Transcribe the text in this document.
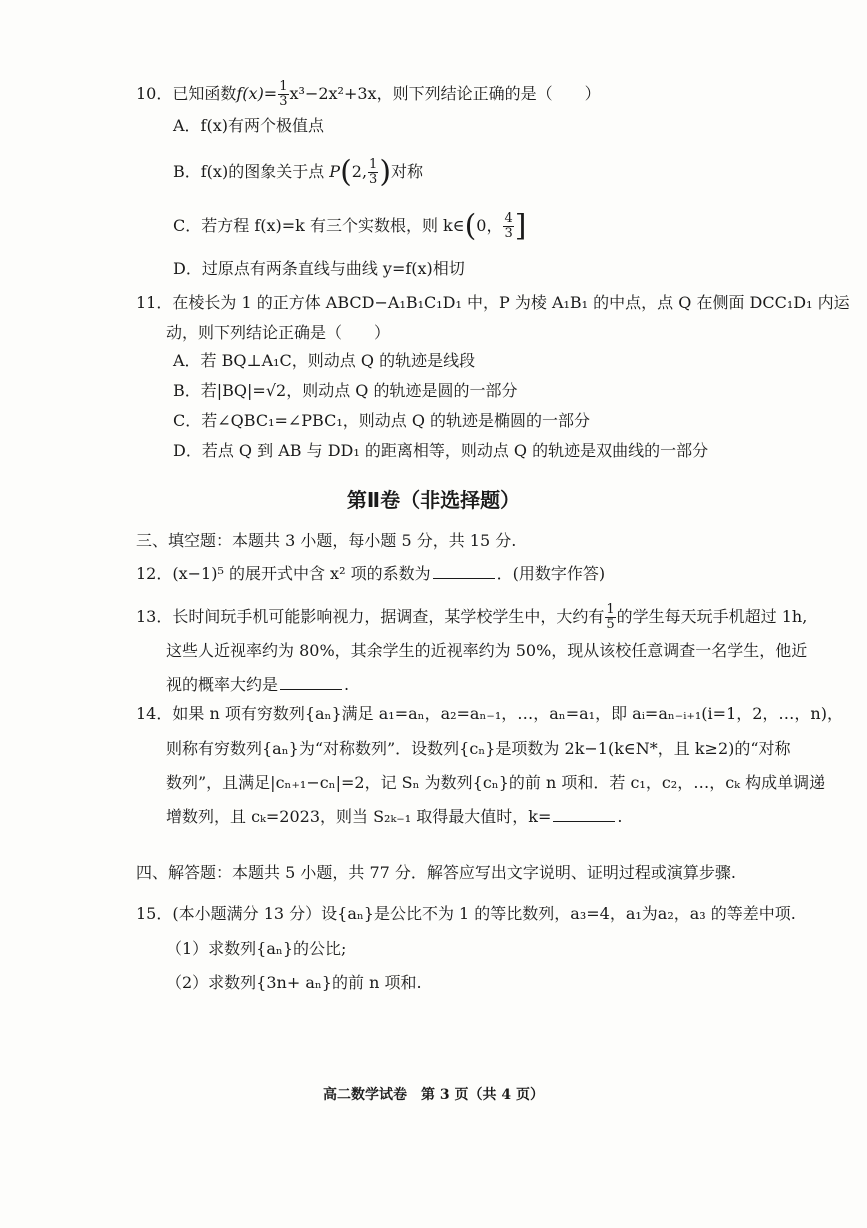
10．已知函数$f(x)= \frac{1}{3} x^3-2x^2+3x$，则下列结论正确的是（　　）
A．f(x)有两个极值点
B．f(x)的图象关于点 P(2, $\frac{1}{3}$ )对称
C．若方程 f(x)=k 有三个实数根，则 k∈(0， $\frac{4}{3}$ ]
D．过原点有两条直线与曲线 y=f(x)相切
11．在棱长为 1 的正方体 ABCD−A₁B₁C₁D₁ 中，P 为棱 A₁B₁ 的中点，点 Q 在侧面 DCC₁D₁ 内运
动，则下列结论正确是（　　）
A．若 BQ⊥A₁C，则动点 Q 的轨迹是线段
B．若|BQ|=√2，则动点 Q 的轨迹是圆的一部分
C．若∠QBC₁=∠PBC₁，则动点 Q 的轨迹是椭圆的一部分
D．若点 Q 到 AB 与 DD₁ 的距离相等，则动点 Q 的轨迹是双曲线的一部分
第Ⅱ卷（非选择题）
三、填空题：本题共 3 小题，每小题 5 分，共 15 分.
12．(x−1)⁵ 的展开式中含 x² 项的系数为	．(用数字作答)
13．长时间玩手机可能影响视力，据调查，某学校学生中，大约有 $\frac{1}{5}$ 的学生每天玩手机超过 1h,
这些人近视率约为 80%，其余学生的近视率约为 50%，现从该校任意调查一名学生，他近
视的概率大约是	.
14．如果 n 项有穷数列{aₙ}满足 a₁=aₙ，a₂=aₙ₋₁，…，aₙ=a₁，即 aᵢ=aₙ₋ᵢ₊₁(i=1，2，…，n)，
则称有穷数列{aₙ}为“对称数列”．设数列{cₙ}是项数为 2k−1(k∈N*，且 k≥2)的“对称
数列”，且满足|cₙ₊₁−cₙ|=2，记 Sₙ 为数列{cₙ}的前 n 项和．若 c₁，c₂，…，cₖ 构成单调递
增数列，且 cₖ=2023，则当 S₂ₖ₋₁ 取得最大值时，k=	.
四、解答题：本题共 5 小题，共 77 分．解答应写出文字说明、证明过程或演算步骤.
15．(本小题满分 13 分）设{aₙ}是公比不为 1 的等比数列，a₃=4，a₁为a₂，a₃ 的等差中项.
（1）求数列{aₙ}的公比;
（2）求数列{3n+ aₙ}的前 n 项和.
高二数学试卷　第 3 页（共 4 页）
